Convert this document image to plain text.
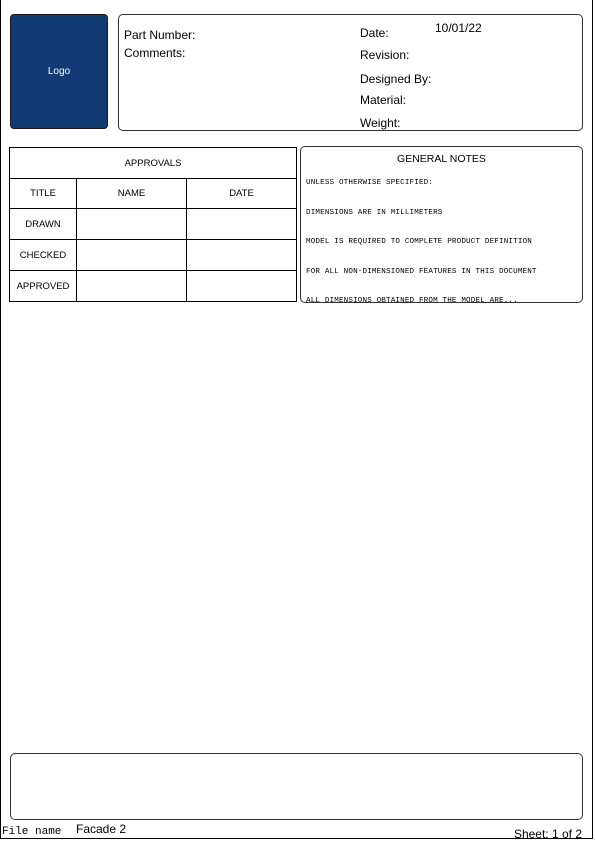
Logo
Part Number:
Comments:
Date:	10/01/22
Revision:
Designed By:
Material:
Weight:
APPROVALS		
TITLE	NAME	DATE
DRAWN		
CHECKED		
APPROVED		
GENERAL NOTES
UNLESS OTHERWISE SPECIFIED:
DIMENSIONS ARE IN MILLIMETERS
MODEL IS REQUIRED TO COMPLETE PRODUCT DEFINITION
FOR ALL NON-DIMENSIONED FEATURES IN THIS DOCUMENT
ALL DIMENSIONS OBTAINED FROM THE MODEL ARE...
File name Facade 2	Sheet: 1 of 2
